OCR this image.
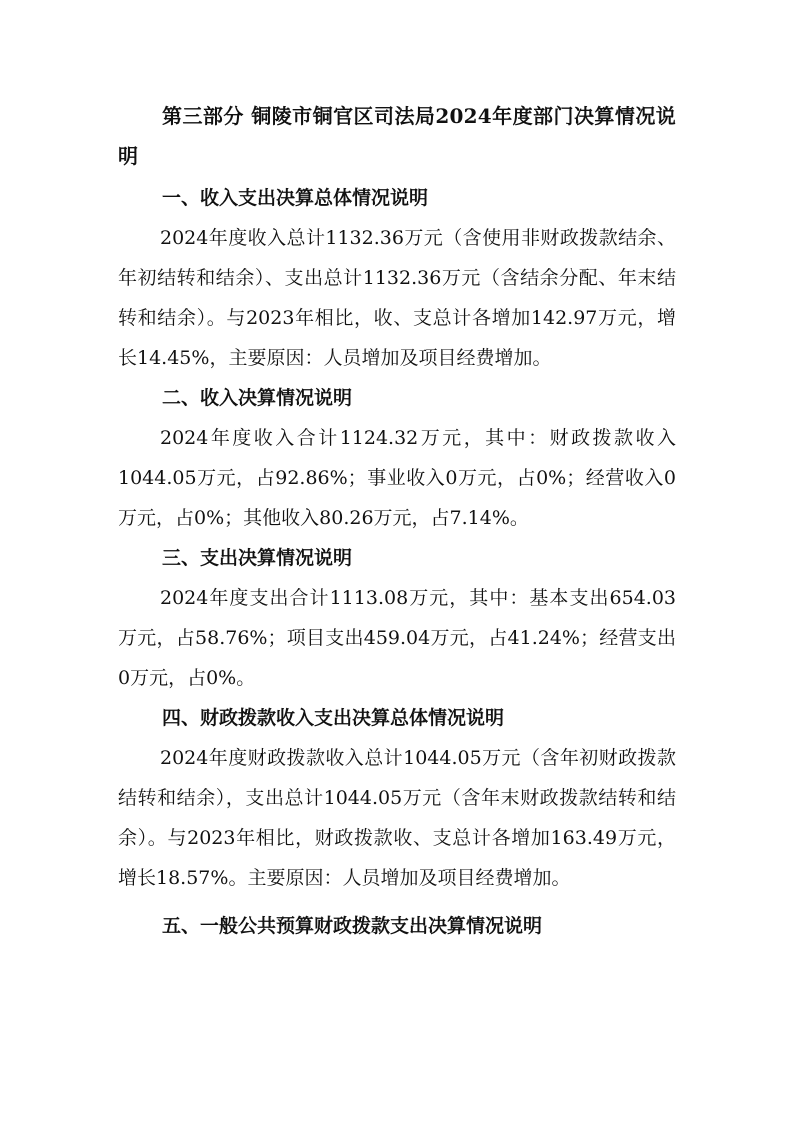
第三部分 铜陵市铜官区司法局2024年度部门决算情况说明

一、收入支出决算总体情况说明

2024年度收入总计1132.36万元（含使用非财政拨款结余、年初结转和结余）、支出总计1132.36万元（含结余分配、年末结转和结余）。与2023年相比，收、支总计各增加142.97万元，增长14.45%，主要原因：人员增加及项目经费增加。

二、收入决算情况说明

2024年度收入合计1124.32万元，其中：财政拨款收入1044.05万元，占92.86%；事业收入0万元，占0%；经营收入0万元，占0%；其他收入80.26万元，占7.14%。

三、支出决算情况说明

2024年度支出合计1113.08万元，其中：基本支出654.03万元，占58.76%；项目支出459.04万元，占41.24%；经营支出0万元，占0%。

四、财政拨款收入支出决算总体情况说明

2024年度财政拨款收入总计1044.05万元（含年初财政拨款结转和结余），支出总计1044.05万元（含年末财政拨款结转和结余）。与2023年相比，财政拨款收、支总计各增加163.49万元，增长18.57%。主要原因：人员增加及项目经费增加。

五、一般公共预算财政拨款支出决算情况说明
